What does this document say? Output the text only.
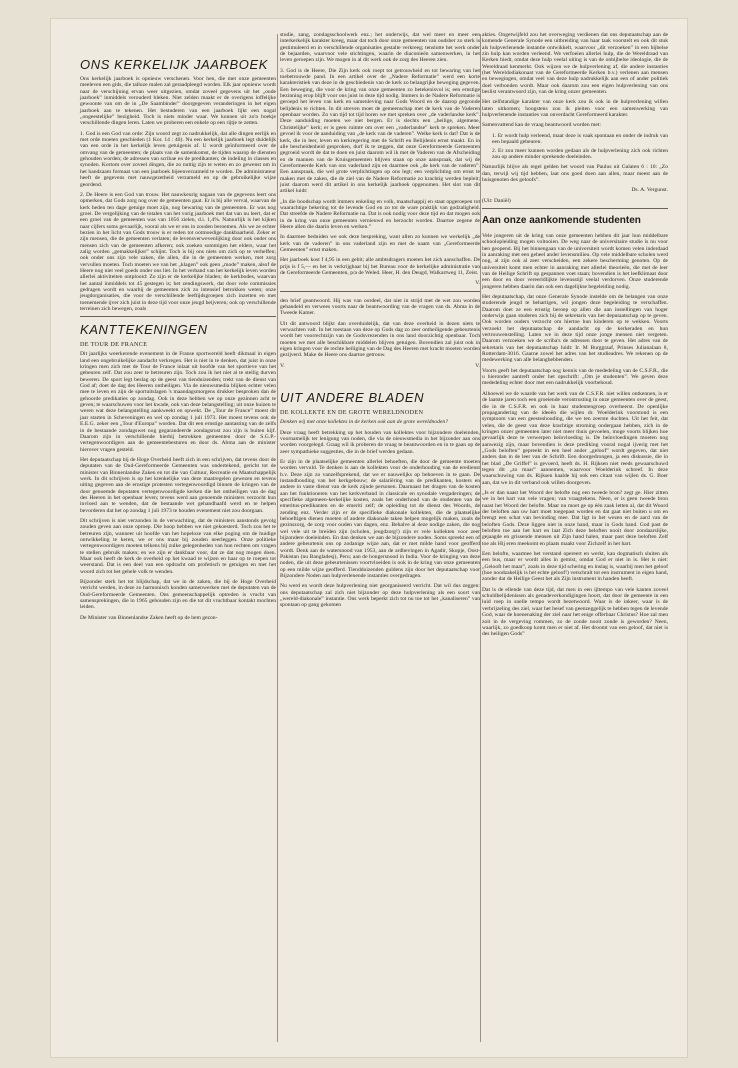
ONS KERKELIJK JAARBOEK

Ons kerkelijk jaarboek is opnieuw verschenen. Voor hen, die met onze gemeenten meeleven een gids, die talloze malen zal geraadpleegd worden. Elk jaar opnieuw wordt naar de verschijning ervan weer uitgezien, omdat zoveel gegevens uit het „oude jaarboek” inmiddels verouderd bleken. Niet zelden maakt er de overigens loffelijke gewoonte van om de in „De Saambinder” doorgegeven veranderingen in het eigen jaarboek aan te tekenen. Het bestuderen van een jaarboek lijkt een nogal „ongeestelijke” bezigheid. Toch is niets minder waar. We kunnen uit zo'n boekje verschillende dingen leren. Laten we proberen een enkele op een rijtje te zetten.

1. God is een God van orde: Zijn woord zegt zo nadrukkelijk, dat alle dingen eerlijk en met orde moeten geschieden (1 Kor. 14 : 40). Nu een kerkelijk jaarboek legt duidelijk van een orde in het kerkelijk leven getuigenis af. U wordt geïnformeerd over de omvang van de gemeenten; de plaats van de samenkomst, de tijden waarop de diensten gehouden worden; de adressen van scribae en de predikanten; de indeling in classes en synoden. Kortom over zoveel dingen, die zo nuttig zijn te weten en zo gewenst om in het handzaam formaat van een jaarboek bijeenverzameld te worden. De administrateur heeft de gegevens met nauwgezetheid verzameld en op de gebruikelijke wijze geordend.

2. De Heere is een God van trouw. Het nauwkeurig nagaan van de gegevens leert ons opmerken, dat Gods zorg nog over de gemeenten gaat. Er is bij alle verval, waarvan de kerk heden ten dage getuige moet zijn, nog bewaring van de gemeenten. Er was nog groei. De vergelijking van de totalen van het vorig jaarboek met dat van nu leert, dat er een groei van de gemeenten was van 1056 zielen, d.i. 1,4%. Natuurlijk is het kijken naar cijfers soms gevaarlijk, vooral als we er ons in zouden beroemen. Als we ze echter bezien in het licht van Gods trouw is er reden tot ootmoedige dankbaarheid. Zeker er zijn mensen, die de gemeenten verlaten; de levensverwevenlijking door ook onder ons mensen zich van de gemeenten afkeren; ook zoeken sommigen het elders, waar het zalig worden „gemakkelijker” schijnt. Toch is bij ons niets om zich op te verheffen; ook onder ons zijn vele zaken, die allen, die in de gemeenten werken, met zorg vervullen moeten. Toch moeten we van het „klagen” ook geen „mode” maken, alsof de Heere nog niet veel goeds onder ons liet. In het verband van het kerkelijk leven worden allerlei aktiviteiten ontplooid: Zo zijn er de kerkelijke bladen; de kerkbodes, waarvan het aantal inmiddels tot 45 gestegen is; het zendingswerk, dat door vele commissies gedragen wordt en waarbij de gemeenten zich zo intensief betrokken weten; onze jeugdorganisaties, die voor de verschillende leeftijdsgroepen zich inzetten en met toenemende ijver zich juist in deze tijd voor onze jeugd beijveren; ook op verschillende terreinen zich bewegen, zoals

KANTTEKENINGEN
DE TOUR DE FRANCE

Dit jaarlijks weerkerende evenement in de Franse sportwereld heeft dikmaal in eigen land een ongebruikelijke aandacht verkregen. Het is niet in te denken, dat juist in onze kringen men zich met de Tour de France inlaat uit hoofde van het sportieve van het gebeuren zelf. Dat zou zeer te betreuren zijn. Toch zou ik het niet al te stellig durven beweren. De sport legt beslag op de geest van tienduizenden; trekt van de dienst van God af; doet de dag des Heeren ontheiligen. Via de nieuwsmedia blijken echter velen mee te leven en zijn de sportuitslagen 's maandagsmorgens drukker besproken dan de gehoorde predikaties op zondag. Ook in deze hebben we op onze gezinnen acht te geven; te waarschuwen voor het kwade, ook van deze belangstelling; uit onze huizen te weren wat deze belangstelling aankweekt en opwekt. De „Tour de France” moest dit jaar starten in Scheveningen en wel op zondag 1 juli 1973. Het moest tevens ook de E.E.G. zeker een „Tour d'Europa” worden. Dat dit een ernstige aantasting van de zelfs in de bestaande zondagswet nog gegarandeerde zondagsrust zou zijn is buiten kijf. Daarom zijn in verschillende hierbij betrokken gemeenten door de S.G.P.-vertegenwoordigers aan de gemeentebesturen en door ds. Abma aan de minister hierover vragen gesteld.

Het deputaatschap bij de Hoge Overheid heeft zich in een schrijven, dat tevens door de deputaten van de Oud-Gereformeerde Gemeenten was ondertekend, gericht tot de minister van Binnenlandse Zaken en tot die van Cultuur, Recreatie en Maatschappelijk werk. In dit schrijven is op het krenkelijke van deze maatregelen gewezen en tevens uiting gegeven aan de ernstige protesten vertegenwoordigd binnen de kringen van de door genoemde deputaten vertegenwoordigde kerken die het ontheiligen van de dag des Heeren in het openbaar leven; tevens werd aan genoemde ministers verzocht hun invloed aan te wenden, dat de bestaande wet gehandhaafd werd en te helpen bevorderen dat het op zondag 1 juli 1973 te houden evenement niet zou doorgaan.

Dit schrijven is niet verzonden in de verwachting, dat de ministers aanstonds gevolg zouden geven aan onze oproep. Die hoop hebben we niet gekoesterd. Toch zou het te betreuren zijn, wanneer uit hoofde van het hopeloze van elke poging om de huidige ontwikkeling te keren, we er ons maar bij zouden neerleggen. Onze politieke vertegenwoordigers moeten telkens bij zulke gelegenheden van hun rechten om vragen te stellen gebruik maken; en we zijn er dankbaar voor, dat ze dat nog mogen doen. Maar ook heeft de kerk de overheid op het kwaad te wijzen en haar op te roepen tot weerstand. Dat is een deel van een opdracht om profetisch te getuigen en met het woord zich tot het gehele volk te wenden.

Bijzonder sterk het tot blijdschap, dat we in de zaken, die bij de Hoge Overheid verricht werden, in deze zo harmonisch konden samenwerken met de deputaten van de Oud-Gereformeerde Gemeenten. Ons gemeenschappelijk optreden is vrucht van samensprekingen, die in 1965 gehouden zijn en die tot dit vruchtbaar kontakt mochten leiden.

De Minister van Binnenlandse Zaken heeft op de hem gezon-

studie, zang, zondagsschoolwerk enz.; het onderwijs, dat wel meer en meer een interkerkelijk karakter kreeg, maar dat toch door onze gemeenten van oudsher zo sterk is gestimuleerd en in verschillende organisaties gestalte verkreeg; tenslotte het werk onder de bejaarden, waarvoor vele stichtingen, waarin de diaconieën samenwerken, in het leven geroepen zijn. We mogen in al dit werk ook de zorg des Heeren zien.

3. God is de Heere, Die Zijn kerk ook roept tot getrouwheid en tot bewaring van het toebetrouwde pand. In een artikel over de „Nadere Reformatie” werd een korte karakteristiek van deze in de geschiedenis van de kerk zo belangrijke beweging gegeven. Een beweging, die voor de kring van onze gemeenten zo betekenisvol is; een ernstige bezinning erop blijft voor ons juist in deze tijd nodig. Immers in de Nadere Reformatie is geroepd het leven van kerk en samenleving naar Gods Woord en de daarop gegronde belijdenis te richten. In dit streven moet de gemeenschap met de kerk van de Vaderen openbaar worden. Zo van tijd tot tijd horen we met spreken over „de vaderlandse kerk”. Deze aanduiding moeten we niet bergen. Er is slechts een „heilige, algemene, Christelijke” kerk; er is geen ruimte om over een „vaderlandse” kerk te spreken. Meer gevoel ik voor de aanduiding van „de kerk van de vaderen”. Welke kerk is dat? Dat is de kerk, die in leer, leven en kerkregering met de Schrift en Belijdenis ernst maakt. En in alle bescheidenheid gesproken, durf ik te zeggen, dat onze Gereformeerde Gemeenten gegroeid wordt de dat te doen en juist daarom wil ik met de Vaderen van de Afscheiding en de mannen van de Kruisgemeenten blijven staan op onze aanspraak, dat wij de Gereformeerde Kerk van ons vaderland zijn en daarmee ook „de kerk van de vaderen”. Een aanspraak, die wel grote verplichtingen op ons legt; een verplichting om ernst te maken met de zaken, die de ziel van de Nadere Reformatie zo krachtig werden bepleit; juist daarom werd dit artikel in ons kerkelijk jaarboek opgenomen. Het slot van dit artikel luidt:

„In die boodschap wordt immers enkeling en volk, maatschappij en staat opgeroepen tot waarachtige bekering tot de levende God en zo tot de ware praktijk van godzaligheid. Dat streefde de Nadere Reformatie na. Dat is ook nodig voor deze tijd en dat mogen ook in de kring van onze gemeenten vernieuwd en herzocht worden. Daartoe zegene de Heere allen die daarin leven en werken.”

In daarmee beduiden we ook deze bespreking, want allen zo kunnen we werkelijk „de kerk van de vaderen” in ons vaderland zijn en met de naam van „Gereformeerde Gemeenten” ernst maken.

Het jaarboek kost f 4,95 in een gebit; alle ambtsdragers moeten het zich aanschaffen. De prijs is f 5,— en het is verkrijgbaar bij het Bureau voor de kerkelijke administratie van de Gereformeerde Gemeenten, p/a de Weled. Heer, H. den Deugd, Walkartweg 11, Zeist.

V.

den brief geantwoord. Hij was van oordeel, dat niet in strijd met de wet zou worden gehandeld en verwees voorts naar de beantwoording van de vragen van ds. Abma in de Tweede Kamer.

Uit dit antwoord blijkt dan overduidelijk, dat van deze overheid in dezen niets te verwachten valt. In het toestaan van deze op Gods dag zo zeer ontheiligende gebeurtenis wordt het voorrechtzijn van de Godsvrezenden in ons land doorzichtig openbaar. Toch moeten we met alle beschikbare middelen blijven getuigen. Bovendien zal juist ook in eigen kringen voor de rechte heiliging van de Dag des Heeren met kracht moeten worden gezijverd. Make de Heere ons daartoe getrouw.

V.	V.
UIT ANDERE BLADEN
DE KOLLEKTE EN DE GROTE WERELDNODEN

Denken wij met onze kollektes in de kerken ook aan de grote wereldnoden?

Deze vraag heeft betrekking op het houden van kollektes voor bijzondere doeleinden, voornamelijk ter lenigung van noden, die via de nieuwsmedia in het bijzonder aan ons worden voorgelegd. Graag wil ik proberen de vraag te beantwoorden en in te gaan op de zeer sympathieke suggesties, die in de brief werden gedaan.

Er zijn in de plaatselijke gemeenten allerlei behoeften, die door de gemeente moeten worden vervuld. Te denken is aan de kollekten voor de onderhouding van de eredienst b.v. Deze zijn zo vanzelfsprekend, dat we er nauwelijks op behoeven in te gaan. De instandhouding van het kerkgebouw; de salariëring van de predikanten, kosters en andere in vaste dienst van de kerk zijnde personen. Daarnaast het dragen van de kosten aan het funktioneren van het kerkverband in classicale en synodale vergaderingen; de specifieke algemeen-kerkelijke kosten, zoals het onderhoud van de studenten van de emeritus-predikanten en de emeriti zelf; de opleiding tot de dienst des Woords, de zending enz. Verder zijn er de specifieke diakonale kollekten, die de plaatselijke behoeftigen dienen moeten of andere diakonale taken helpen mogelijk maken, zoals de gezinszorg, de zorg voor ouden van dagen, enz. Behalve al deze nodige zaken, die nog wel vele uit te breiden zijn (scholen, jeugdzorg!) zijn er vele kollekten voor zeer bijzondere doeleinden. En dan denken we aan de bijzondere noden. Soms spreekt een of andere gebeurtenis ons op zodanige wijze aan, dat er met milde hand voor geofferd wordt. Denk aan de watersnood van 1953, aan de ardbevingen in Agadir, Skopje, Oost-Pakistan (nu Bangladesj), Peru; aan de hongersnood in India. Voor de kringing van deze noden, die uit deze gebeurtenissen voortvloeiden is ook in de kring van onze gemeenten op een milde wijze geofferd. Tiendduizenden guldens zijn door het deputaatschap voor Bijzondere Noden aan hulpverlenende instanties overgedragen.

Nu werd en wordt deze hulpverlening niet georganiseerd verricht. Dat wil dus zeggen: ons deputaatschap zal zich niet bijzonder op deze hulpverlening als een soort van „wereld-diakonale” instantie. Ons werk beperkt zich tot nu toe tot het „kanaliseren” van spontaan op gang gekomen

akties. Ongetwijfeld zou het overweging verdienen dat ons deputaatschap aan de komende Generale Synode een uitbreiding van haar taak voorstelt en ook dit stuk als hulpverlenende instantie ontwikkelt, waarvoor „dit verzoeken” in een bijbelse zin hulp kan worden verleend. We verfoeien allerlei hulp, die de Wereldraad van Kerken biedt, omdat deze hulp veelal uiting is van de onbijbelse ideologie, die de Wereldraad kenmerkt. Ook wijzen we de hulpverlening af, die andere instanties (het Wereldodiakonaat van de Gereformeerde Kerken b.v.) verlenen aan mensen en bewegingen, omdat veel van deze hulp nadrukkelijk aan een of ander politiek doel verbonden wordt. Maar ook daarom zou een eigen hulpverlening van ons beslist verantwoord zijn, van de kring onzer gemeenten.

Het zelfstandige karakter van onze kerk zou ik ook in de hulpverlening willen laten uitkomen; hoogstens zou ik pleiten voor een samenwerking van hulpverlenende instanties van onverdacht Gereformeerd karakter.

Samenvattend kan de vraag beantwoord worden met:

1. Er wordt hulp verleend, maar deze is vaak spontaan en onder de indruk van een bepaald gebeuren.
2. Er zou meer kunnen worden gedaan als de hulpverlening zich ook richten zou op andere minder sprekende doeleinden.

Natuurlijk blijve als regel gelden het woord van Paulus uit Galaten 6 : 10: „Zo dan, terwijl wij tijd hebben, laat ons goed doen aan allen, maar meest aan de huisgenoten des geloofs”.

Ds. A. Vergunst.

(Uit: Daniël)

Aan onze aankomende studenten

Vele jongeren uit de kring van onze gemeenten hebben dit jaar hun middelbare schoolopleiding mogen voltooien. De weg naar de universitaire studie is nu voor hen geopend. Bij het binnengaan van de universiteit wordt komen velen inderdaad in aanraking met een geheel ander levensmilieu. Op vele middelbare scholen werd nog, al zijn ook al zeer verscheiden, een zekere bescherming genoten. Op de universiteit komt men echter in aanraking met allerlei theorieën, die met de leer van de Heilige Schrift op gespannen voet staan; bovendien is het leefklimaat door een door en door vereerldlijkte levensstijl veelal verdorven. Onze studerende jongeren hebben daarin dan ook een dagelijkse begeleiding nodig.

Het deputaatschap, dat onze Generale Synode instelde om de belangen van onze studerende jeugd te behartigen, wil jongen deze begeleiding te verschaffen. Daarom doet ze een ernstig beroep op allen die aan instellingen van hoger onderwijs gaan studeren zich bij de sekretaris van het deputaatschap op te geven. Ook worden ouders verzocht om hiertoe hun kinderen op te wekken. Voorts verzoekt het deputaatschap de aandacht op de kerkeraden en hun vertrouwenstelling. Laten we in deze tijd onze jonge mensen niet vergeten. Daarom verzoeken we de scriba's de adressen door te geven. Het adres van de sekretaris van het deputaatschap luidt: Ir. M Burggraaf, Prinses Julianalaan 8, Rotterdam-3016. Gaarne zowel het adres van het studieadres. We rekenen op de medewerking van alle belanghebbenden.

Voorts geeft het deputaatschap nog kennis van de mededeling van de C.S.F.R., die u hieronder aantreft onder het opschrift: „Om je studenten”. We geven deze mededeling echter door met een nadrukkelijk voorbehoud.

Alhoewel we de waarde van het werk van de C.S.F.R. niet willen ontkennen, is er de laatste jaren toch een groeiende verontrusting in onze gemeenten over de geest, die in de C.S.F.R. en ook in haar studentengroep overheerst. De openlijke propagandering van de ideeën die wijlen dr. Woelderink voorstond is een symptoom van een geesteshouding, die we ten zeerste duchten. Uit het feit, dat velen, die de geest van deze krachtige stroming ondergaan hebben, zich in de kringen onzer gemeenten later niet meer thuis gevoelen, moge voorts blijken hoe gevaarlijk deze te verwerpen beïnvloeding is. De beïnvloedingen moeten nog aanwezig zijn, maar bovendien is deze prediking vooral nogal ijverig met het „Gods beloften” gepreekt in een heel ander „geloof” wordt gegeven, dat niet anders dan in de leer van de Schrift. Een doorgedrongen, ja een diskussie, die in het blad „De Griffel” is gevoerd, heeft ds. H. Rijksen niet reeds gewaarschuwd tegen dit „zo maar” aannemen, waarvoor Woelderink schreef. In deze waarschuwing van ds. Rijksen haalde hij ook een citaat van wijlen ds. G. Boer aan, dat we in dit verband ook willen doorgeven.

„Is er dan naast het Woord der belofte nog een tweede bron? zegt ge. Hier zitten we in het hart van vele vragen; van vraagtekens. Neen, er is geen tweede bron naast het Woord der belofte. Maar nu moet ge op één zaak letten al, dat dit Woord der beloften aan uw hart moet toegepast worden en dat gaat niet buiten u om en brengt een schat van bevinding mee. Dat ligt in het wezen en de aard van de beloften Gods. Deze liggen niet in onze hand, maar in Gods hand. God past de beloften toe aan het hart en laat Zich deze beloften nooit door zondaarslijke, gejaagde en grissende mensen uit Zijn hand halen, maar past deze beloften Zelf toe als Hij eren meekomt en plaats maakt voor Zichzelf in het hart.

Een belofte, waarmee het verstand opereert en werkt, kan dogmatisch sluiten als een bus, maar er wordt alles in gemist, omdat God er niet in is. Het is niet: „Gelooft het maar”, zoals in deze tijd schering en inslag is, waarbij men het geloof (hoe noodzakelijk is het echte geloof!) verschralt tot een instrument in eigen hand, zonder dat de Heilige Geest het als Zijn instrument in handen heeft.

Dat is de ellende van deze tijd, dat men in een ijltempo van vele kanten zoveel schuldbelijdenissen als genadeverkondigingen hoort, dat door de gemeente in een luid roep in snelle tempo wordt bezetwoord. Waar is de inkeer, waar is de verbrijzeling des ziel, waar het besef van geenzeggelijk te hebben tegen de levende God, waar de hoenenaking der ziel naar het enige offerbaar Christus? Hoe zal men zoit in de vergeving rommen, zo de zonde nooit zonde is geworden? Neen, waarlijk, zo goedkoop komt men er niet af. Het droomt van een geloof, dat niet is des heiligen Gods”
